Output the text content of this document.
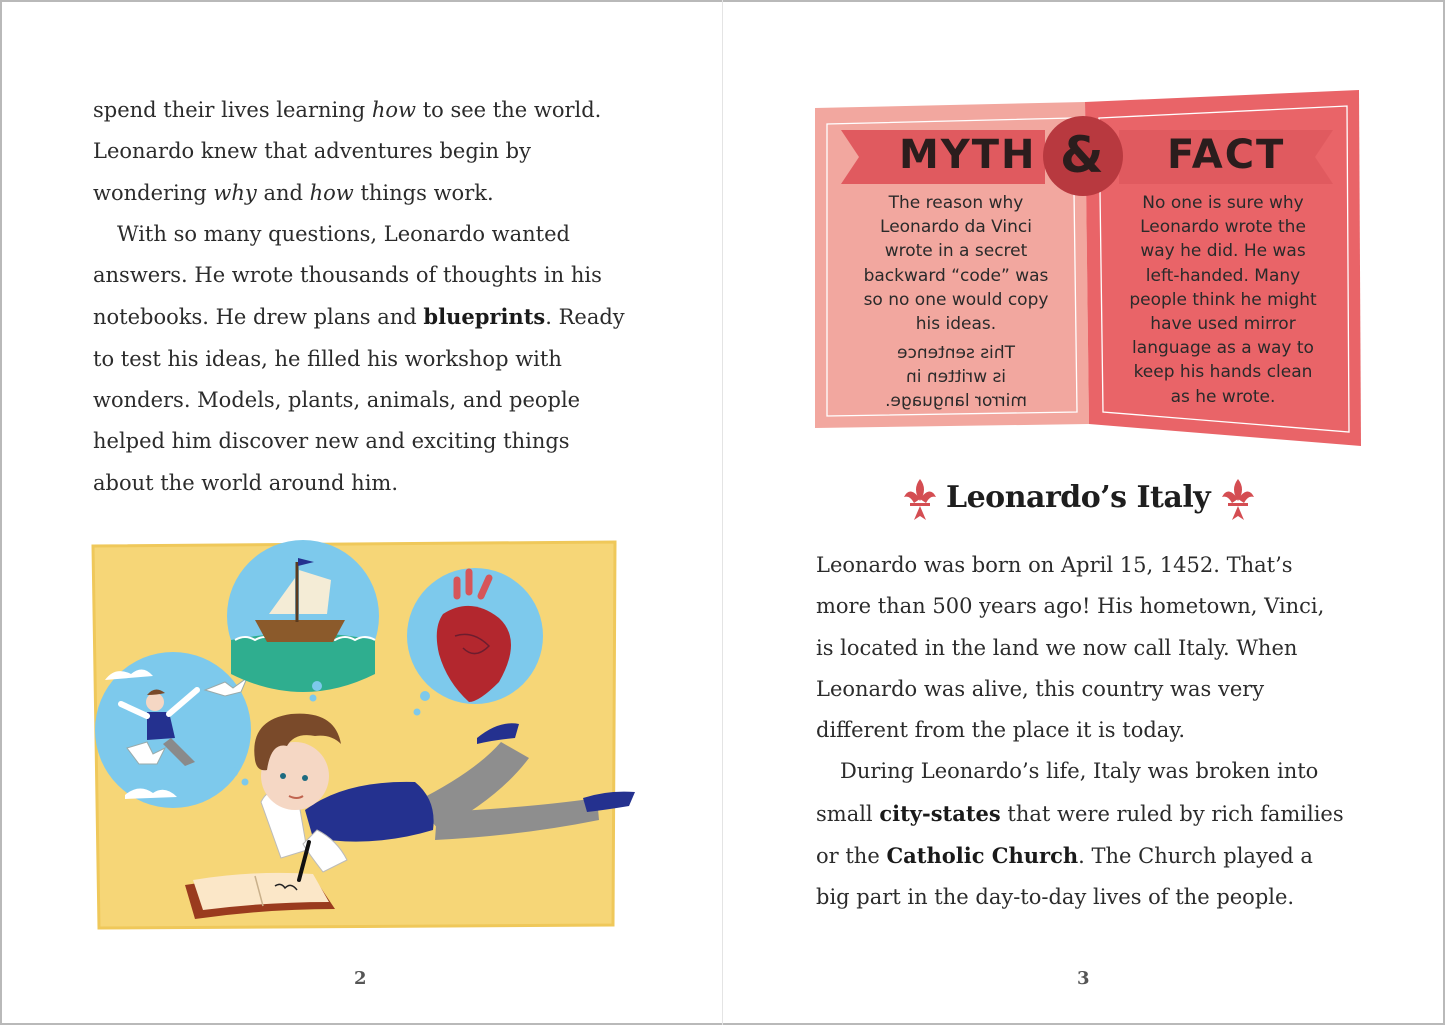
spend their lives learning how to see the world.
Leonardo knew that adventures begin by
wondering why and how things work.
With so many questions, Leonardo wanted
answers. He wrote thousands of thoughts in his
notebooks. He drew plans and blueprints. Ready
to test his ideas, he filled his workshop with
wonders. Models, plants, animals, and people
helped him discover new and exciting things
about the world around him.
2
MYTH & FACT
The reason why
Leonardo da Vinci
wrote in a secret
backward “code” was
so no one would copy
his ideas.
This sentence
is written in
mirror language.
No one is sure why
Leonardo wrote the
way he did. He was
left-handed. Many
people think he might
have used mirror
language as a way to
keep his hands clean
as he wrote.
Leonardo’s Italy
Leonardo was born on April 15, 1452. That’s
more than 500 years ago! His hometown, Vinci,
is located in the land we now call Italy. When
Leonardo was alive, this country was very
different from the place it is today.
During Leonardo’s life, Italy was broken into
small city-states that were ruled by rich families
or the Catholic Church. The Church played a
big part in the day-to-day lives of the people.
3
